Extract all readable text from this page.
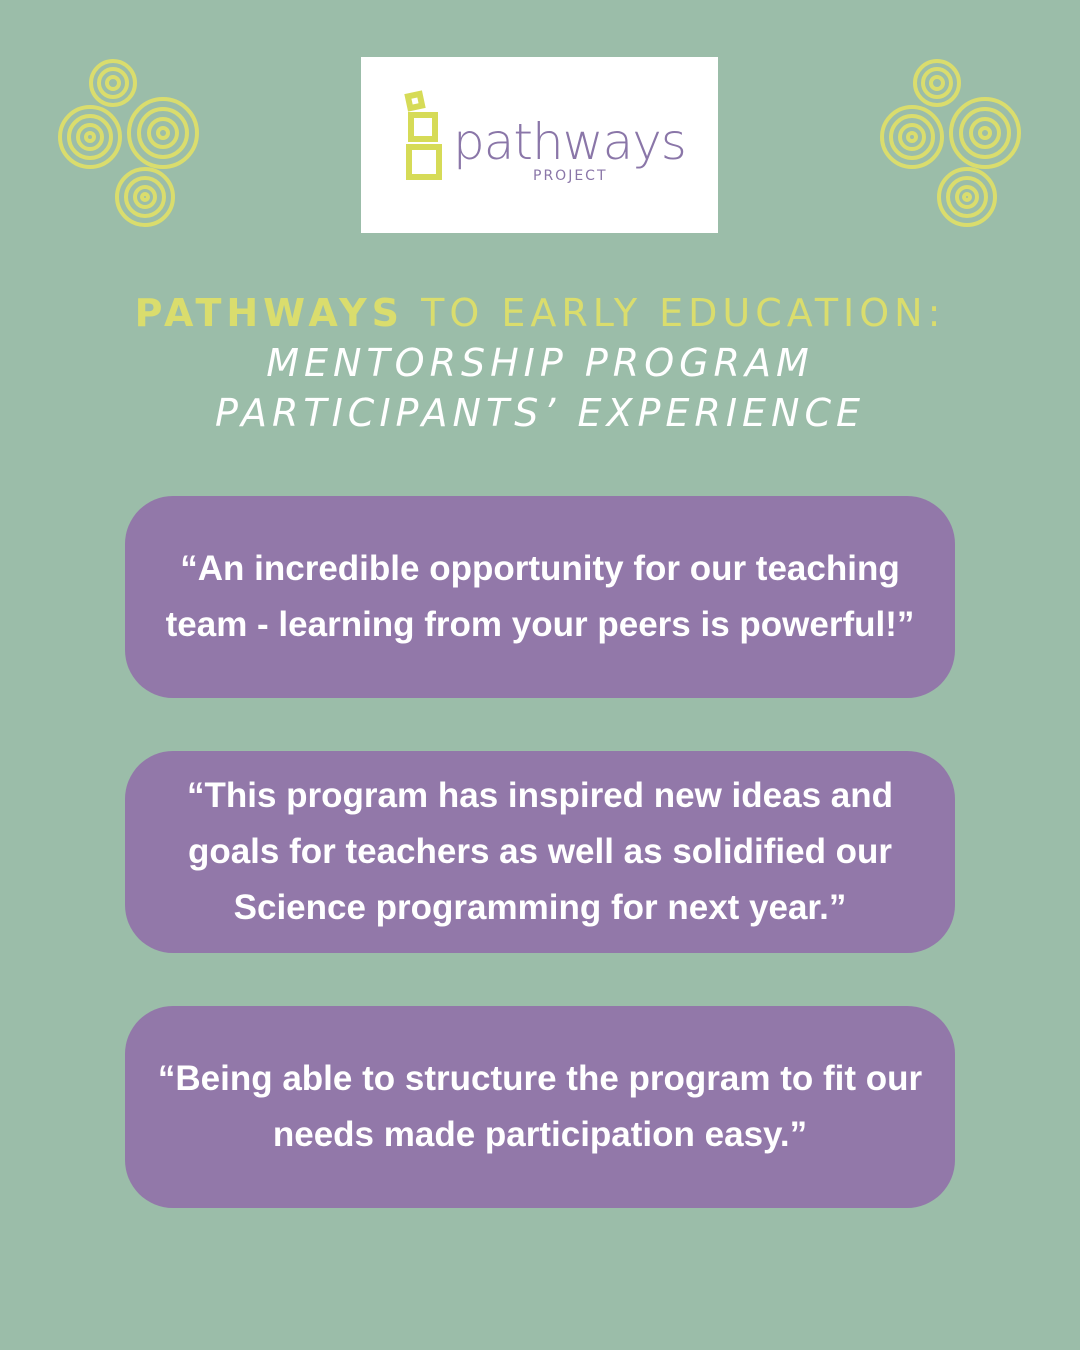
pathways
PROJECT
PATHWAYS TO EARLY EDUCATION:
MENTORSHIP PROGRAM
PARTICIPANTS’ EXPERIENCE

“An incredible opportunity for our teaching team - learning from your peers is powerful!”

“This program has inspired new ideas and goals for teachers as well as solidified our Science programming for next year.”

“Being able to structure the program to fit our needs made participation easy.”
